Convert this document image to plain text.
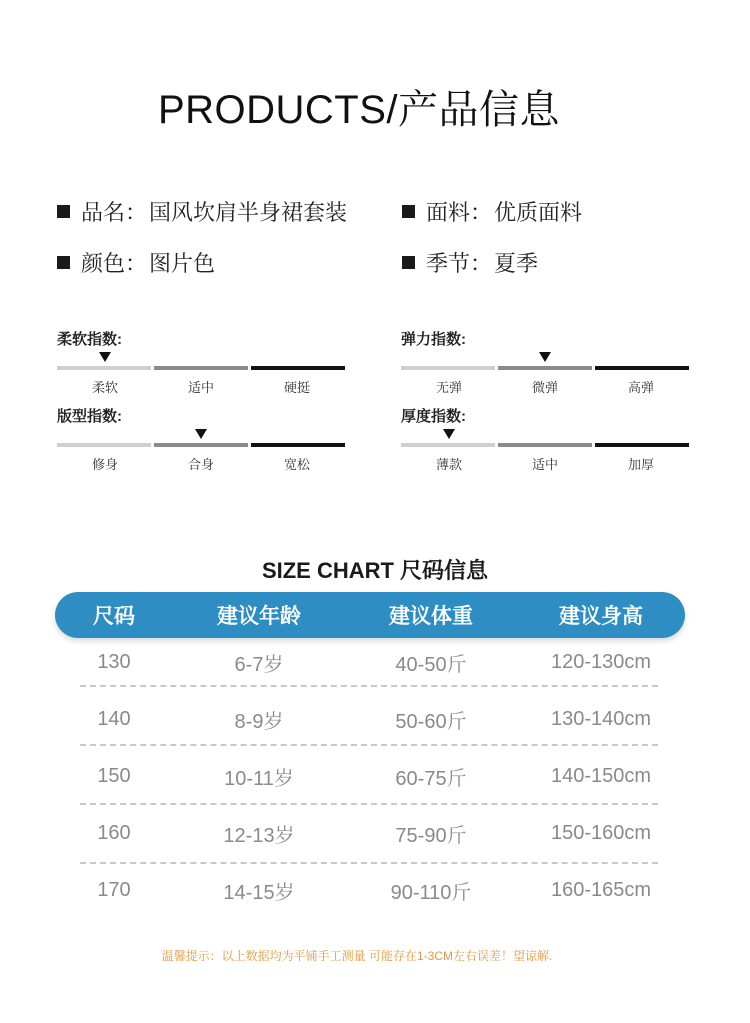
PRODUCTS/产品信息
品名： 国风坎肩半身裙套装	面料： 优质面料
颜色： 图片色	季节： 夏季
柔软指数:
柔软	适中	硬挺
弹力指数:
无弹	微弹	高弹
版型指数:
修身	合身	宽松
厚度指数:
薄款	适中	加厚
SIZE CHART 尺码信息
尺码	建议年龄	建议体重	建议身高
130	6-7岁	40-50斤	120-130cm
140	8-9岁	50-60斤	130-140cm
150	10-11岁	60-75斤	140-150cm
160	12-13岁	75-90斤	150-160cm
170	14-15岁	90-110斤	160-165cm
温馨提示：以上数据均为平铺手工测量 可能存在1-3CM左右误差！望谅解.
